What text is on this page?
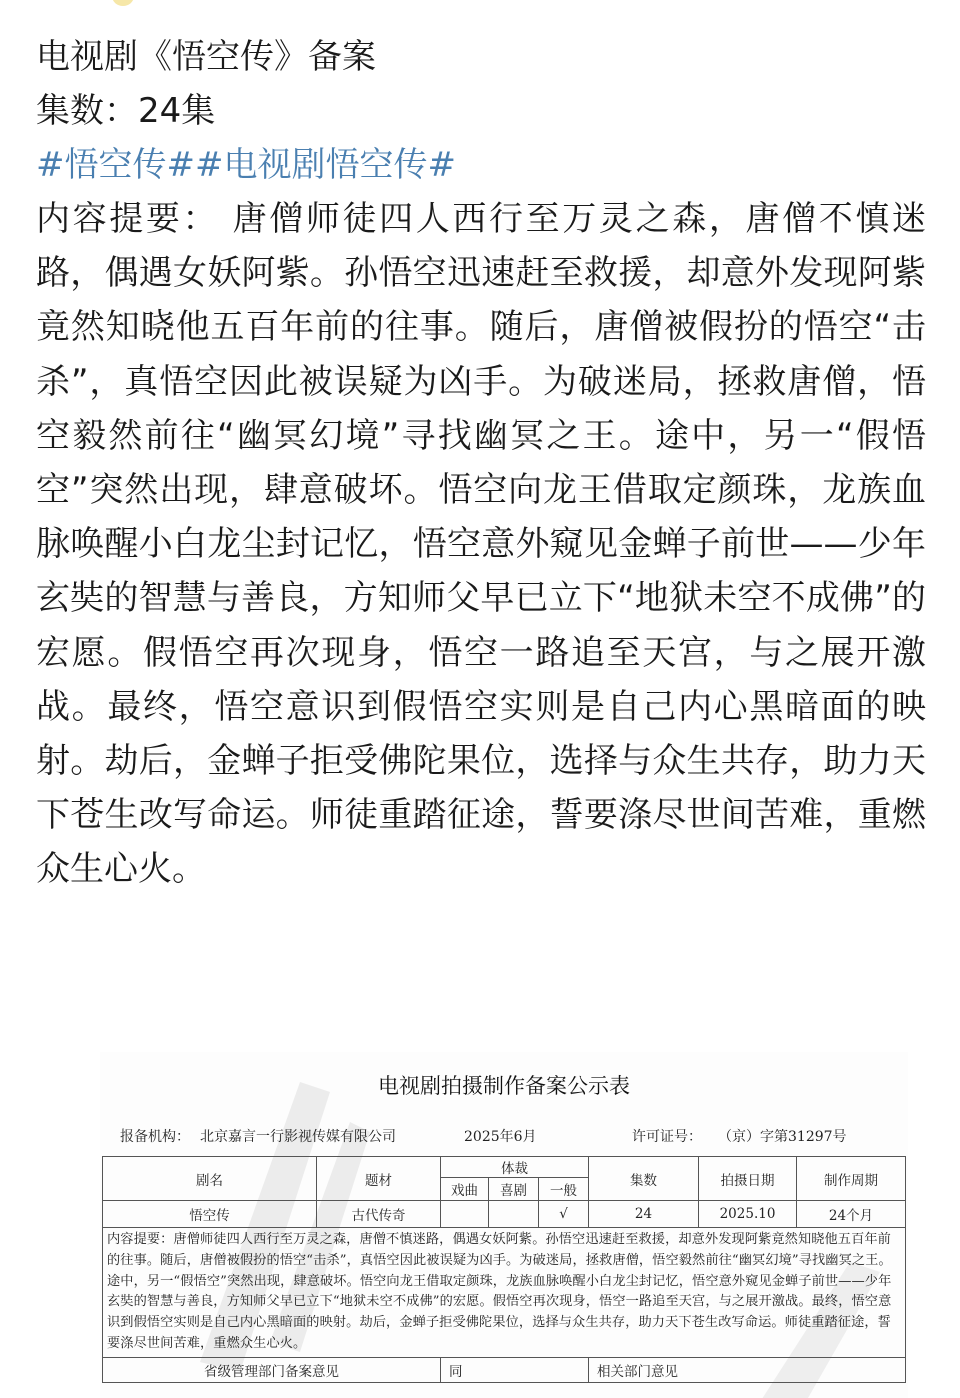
电视剧《悟空传》备案
集数：24集
#悟空传##电视剧悟空传#
内容提要： 唐僧师徒四人西行至万灵之森，唐僧不慎迷路，偶遇女妖阿紫。孙悟空迅速赶至救援，却意外发现阿紫竟然知晓他五百年前的往事。随后，唐僧被假扮的悟空“击杀”，真悟空因此被误疑为凶手。为破迷局，拯救唐僧，悟空毅然前往“幽冥幻境”寻找幽冥之王。途中，另一“假悟空”突然出现，肆意破坏。悟空向龙王借取定颜珠，龙族血脉唤醒小白龙尘封记忆，悟空意外窥见金蝉子前世——少年玄奘的智慧与善良，方知师父早已立下“地狱未空不成佛”的宏愿。假悟空再次现身，悟空一路追至天宫，与之展开激战。最终，悟空意识到假悟空实则是自己内心黑暗面的映射。劫后，金蝉子拒受佛陀果位，选择与众生共存，助力天下苍生改写命运。师徒重踏征途，誓要涤尽世间苦难，重燃众生心火。
电视剧拍摄制作备案公示表
报备机构： 北京嘉言一行影视传媒有限公司	2025年6月	许可证号： （京）字第31297号
剧名	题材	体裁			集数	拍摄日期	制作周期
		戏曲	喜剧	一般			
悟空传	古代传奇			√	24	2025.10	24个月
内容提要：唐僧师徒四人西行至万灵之森，唐僧不慎迷路，偶遇女妖阿紫。孙悟空迅速赶至救援，却意外发现阿紫竟然知晓他五百年前的往事。随后，唐僧被假扮的悟空“击杀”，真悟空因此被误疑为凶手。为破迷局，拯救唐僧，悟空毅然前往“幽冥幻境”寻找幽冥之王。途中，另一“假悟空”突然出现，肆意破坏。悟空向龙王借取定颜珠，龙族血脉唤醒小白龙尘封记忆，悟空意外窥见金蝉子前世——少年玄奘的智慧与善良，方知师父早已立下“地狱未空不成佛”的宏愿。假悟空再次现身，悟空一路追至天宫，与之展开激战。最终，悟空意识到假悟空实则是自己内心黑暗面的映射。劫后，金蝉子拒受佛陀果位，选择与众生共存，助力天下苍生改写命运。师徒重踏征途，誓要涤尽世间苦难，重燃众生心火。							
省级管理部门备案意见		同			相关部门意见		
